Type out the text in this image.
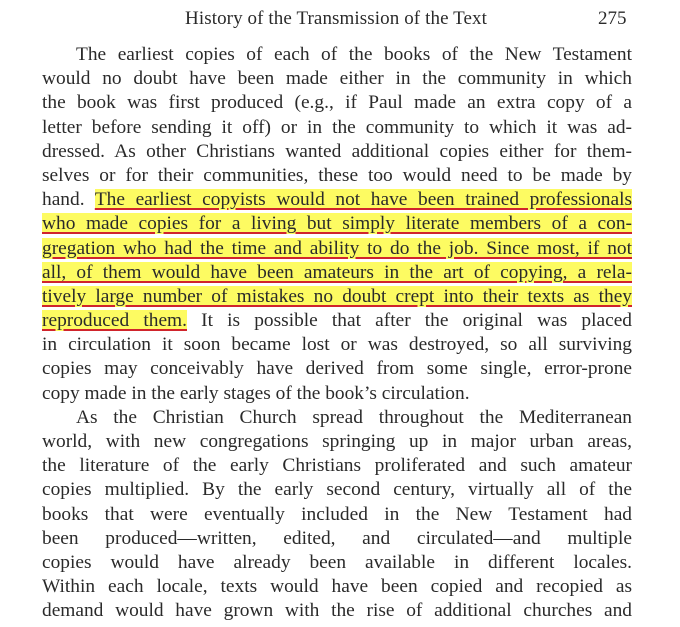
History of the Transmission of the Text	275
The earliest copies of each of the books of the New Testament
would no doubt have been made either in the community in which
the book was first produced (e.g., if Paul made an extra copy of a
letter before sending it off) or in the community to which it was ad-
dressed. As other Christians wanted additional copies either for them-
selves or for their communities, these too would need to be made by
hand. The earliest copyists would not have been trained professionals
who made copies for a living but simply literate members of a con-
gregation who had the time and ability to do the job. Since most, if not
all, of them would have been amateurs in the art of copying, a rela-
tively large number of mistakes no doubt crept into their texts as they
reproduced them. It is possible that after the original was placed
in circulation it soon became lost or was destroyed, so all surviving
copies may conceivably have derived from some single, error-prone
copy made in the early stages of the book’s circulation.
As the Christian Church spread throughout the Mediterranean
world, with new congregations springing up in major urban areas,
the literature of the early Christians proliferated and such amateur
copies multiplied. By the early second century, virtually all of the
books that were eventually included in the New Testament had
been produced—written, edited, and circulated—and multiple
copies would have already been available in different locales.
Within each locale, texts would have been copied and recopied as
demand would have grown with the rise of additional churches and
